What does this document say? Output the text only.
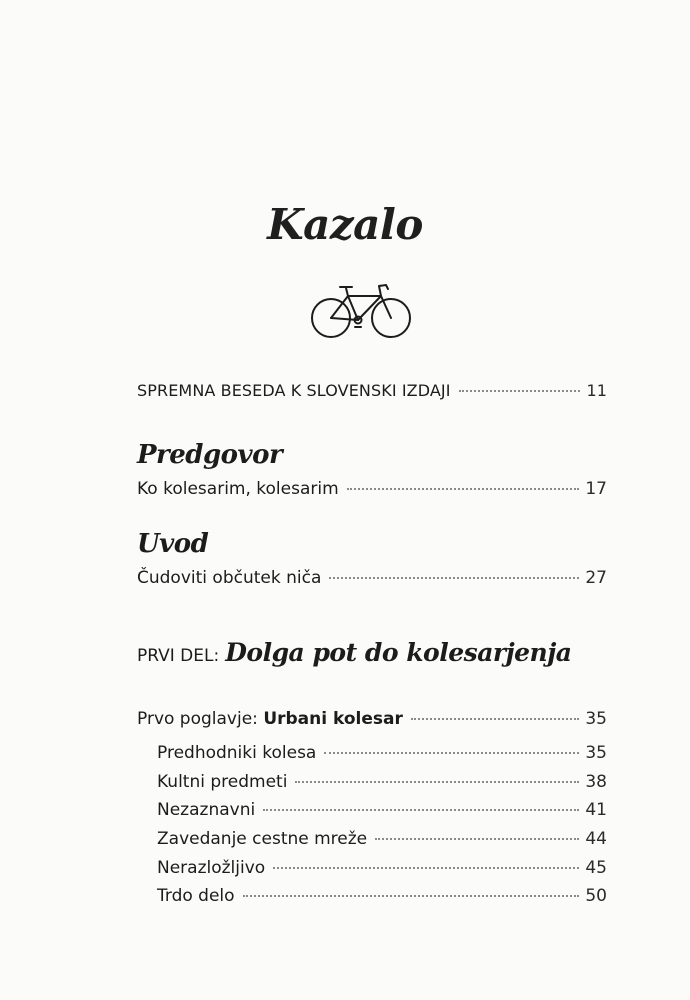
Kazalo
SPREMNA BESEDA K SLOVENSKI IZDAJI	11
Predgovor
Ko kolesarim, kolesarim	17
Uvod
Čudoviti občutek niča	27
PRVI DEL: Dolga pot do kolesarjenja
Prvo poglavje: Urbani kolesar	35
Predhodniki kolesa	35
Kultni predmeti	38
Nezaznavni	41
Zavedanje cestne mreže	44
Nerazložljivo	45
Trdo delo	50
